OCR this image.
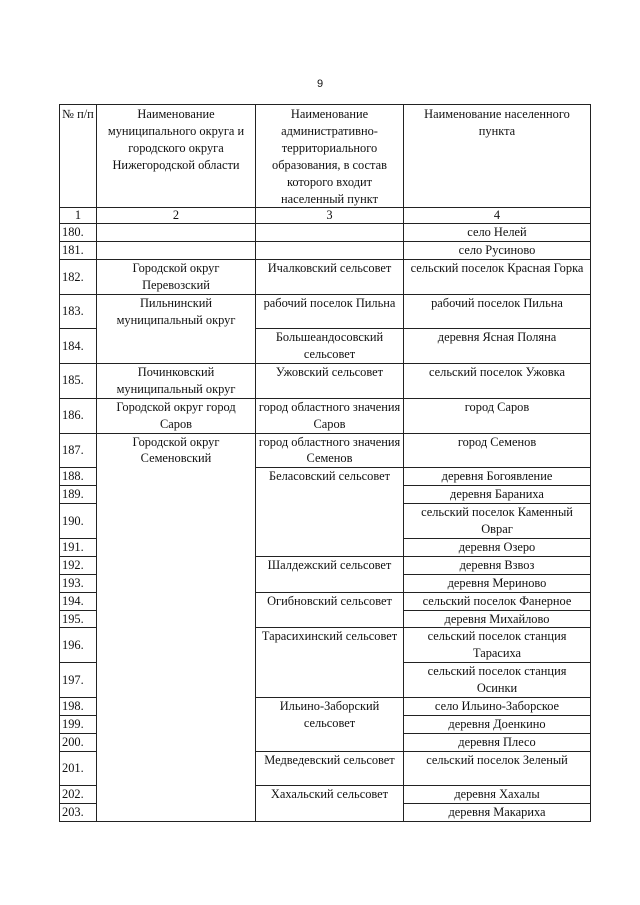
9
№ п/п	Наименование муниципального округа и городского округа Нижегородской области	Наименование административно-территориального образования, в состав которого входит населенный пункт	Наименование населенного пункта
1	2	3	4
180.			село Нелей
181.			село Русиново
182.	Городской округ Перевозский	Ичалковский сельсовет	сельский поселок Красная Горка
183.	Пильнинский муниципальный округ	рабочий поселок Пильна	рабочий поселок Пильна
184.		Большеандосовский сельсовет	деревня Ясная Поляна
185.	Починковский муниципальный округ	Ужовский сельсовет	сельский поселок Ужовка
186.	Городской округ город Саров	город областного значения Саров	город Саров
187.	Городской округ Семеновский	город областного значения Семенов	город Семенов
188.		Беласовский сельсовет	деревня Богоявление
189.			деревня Бараниха
190.			сельский поселок Каменный Овраг
191.			деревня Озеро
192.		Шалдежский сельсовет	деревня Взвоз
193.			деревня Мериново
194.		Огибновский сельсовет	сельский поселок Фанерное
195.			деревня Михайлово
196.		Тарасихинский сельсовет	сельский поселок станция Тарасиха
197.			сельский поселок станция Осинки
198.		Ильино-Заборский сельсовет	село Ильино-Заборское
199.			деревня Доенкино
200.			деревня Плесо
201.		Медведевский сельсовет	сельский поселок Зеленый
202.		Хахальский сельсовет	деревня Хахалы
203.			деревня Макариха
